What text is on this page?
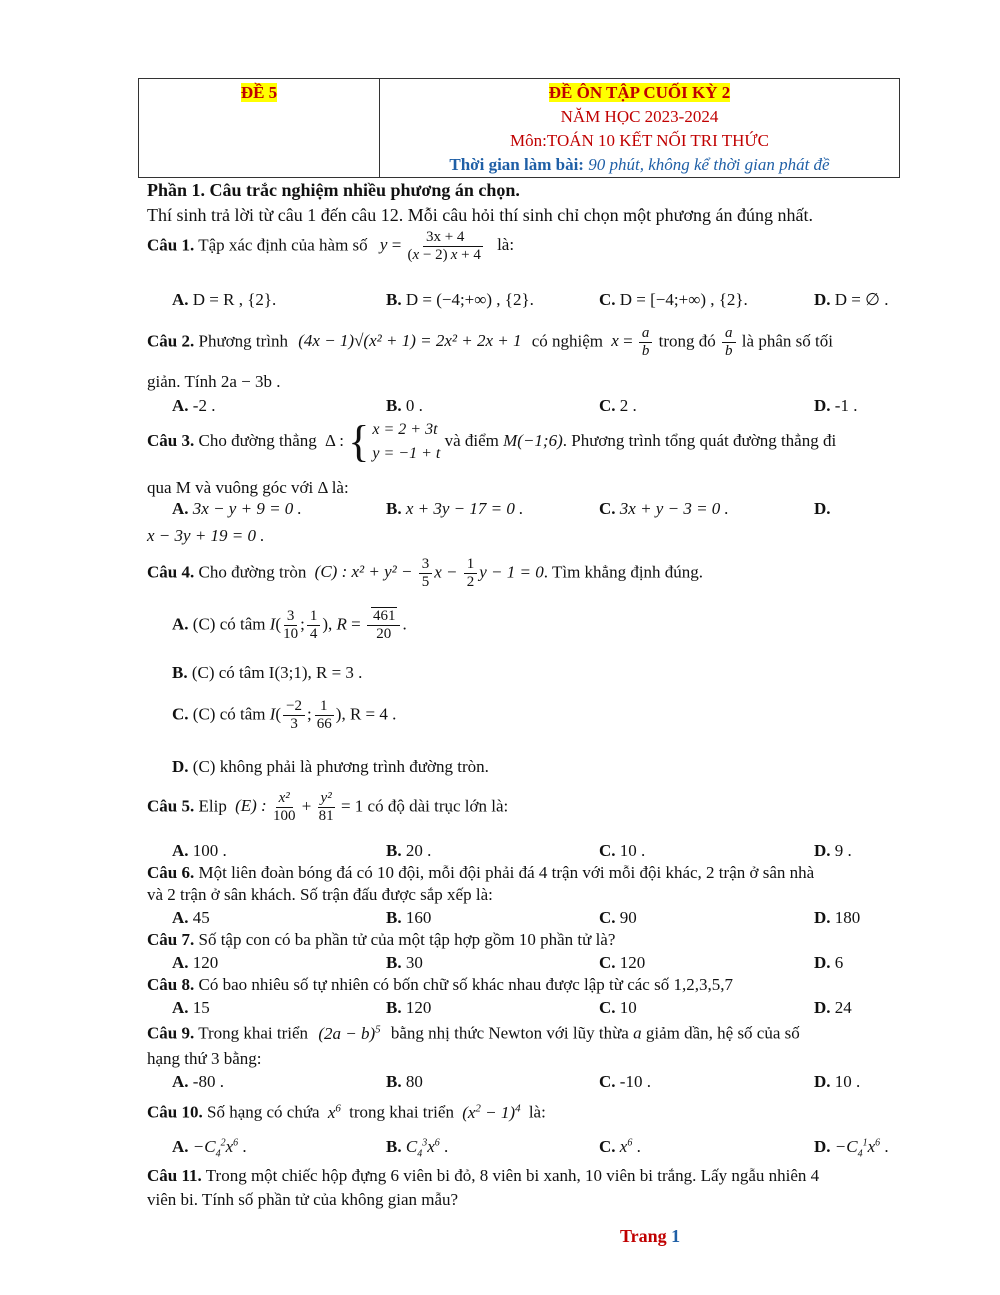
ĐỀ 5	ĐỀ ÔN TẬP CUỐI KỲ 2
NĂM HỌC 2023-2024
Môn:TOÁN 10 KẾT NỐI TRI THỨC
Thời gian làm bài: 90 phút, không kể thời gian phát đề
Phần 1. Câu trắc nghiệm nhiều phương án chọn.
Thí sinh trả lời từ câu 1 đến câu 12. Mỗi câu hỏi thí sinh chỉ chọn một phương án đúng nhất.
Câu 1. Tập xác định của hàm số $y = \frac{3x + 4}{(x - 2) x + 4}$ là:
A. D = R , {2}.	B. D = (−4;+∞) , {2}.	C. D = [−4;+∞) , {2}.	D. D = ∅ .
Câu 2. Phương trình (4x − 1)√(x² + 1) = 2x² + 2x + 1 có nghiệm $x = \frac{a}{b}$ trong đó $\frac{a}{b}$ là phân số tối
giản. Tính 2a − 3b .
A. -2 .	B. 0 .	C. 2 .	D. -1 .
Câu 3. Cho đường thẳng Δ : { x = 2 + 3t
y = −1 + t
và điểm M(−1;6). Phương trình tổng quát đường thẳng đi
qua M và vuông góc với Δ là:
A. 3x − y + 9 = 0 .	B. x + 3y − 17 = 0 .	C. 3x + y − 3 = 0 .	D.
x − 3y + 19 = 0 .
Câu 4. Cho đường tròn (C) : $x^2 + y^2 - \frac{3}{5}$ $x - \frac{1}{2}$ y − 1 = 0. Tìm khẳng định đúng.
A. (C) có tâm $I( \frac{3}{10}$ ; $\frac{1}{4}$ ), $R = \frac{461}{20}$ .
B. (C) có tâm I(3;1), R = 3 .
C. (C) có tâm $I( \frac{-2}{3}$ ; $\frac{1}{66}$ ), R = 4 .
D. (C) không phải là phương trình đường tròn.
Câu 5. Elip (E) : $\frac{\text{x²}}{100} + \frac{\text{y²}}{81} = 1$ có độ dài trục lớn là:
A. 100 .	B. 20 .	C. 10 .	D. 9 .
Câu 6. Một liên đoàn bóng đá có 10 đội, mỗi đội phải đá 4 trận với mỗi đội khác, 2 trận ở sân nhà
và 2 trận ở sân khách. Số trận đấu được sắp xếp là:
A. 45	B. 160	C. 90	D. 180
Câu 7. Số tập con có ba phần tử của một tập hợp gồm 10 phần tử là?
A. 120	B. 30	C. 120	D. 6
Câu 8. Có bao nhiêu số tự nhiên có bốn chữ số khác nhau được lập từ các số 1,2,3,5,7
A. 15	B. 120	C. 10	D. 24
Câu 9. Trong khai triển $(2a - b)^5$ bằng nhị thức Newton với lũy thừa a giảm dần, hệ số của số
hạng thứ 3 bằng:
A. -80 .	B. 80	C. -10 .	D. 10 .
Câu 10. Số hạng có chứa $x^6$ trong khai triển $(x^2 - 1)^4$ là:
A. $-C_4^2x^6$ .	B. $C_4^3x^6$ .	C. $x^6$ .	D. $-C_4^1x^6$ .
Câu 11. Trong một chiếc hộp đựng 6 viên bi đỏ, 8 viên bi xanh, 10 viên bi trắng. Lấy ngẫu nhiên 4
viên bi. Tính số phần tử của không gian mẫu?
Trang 1
